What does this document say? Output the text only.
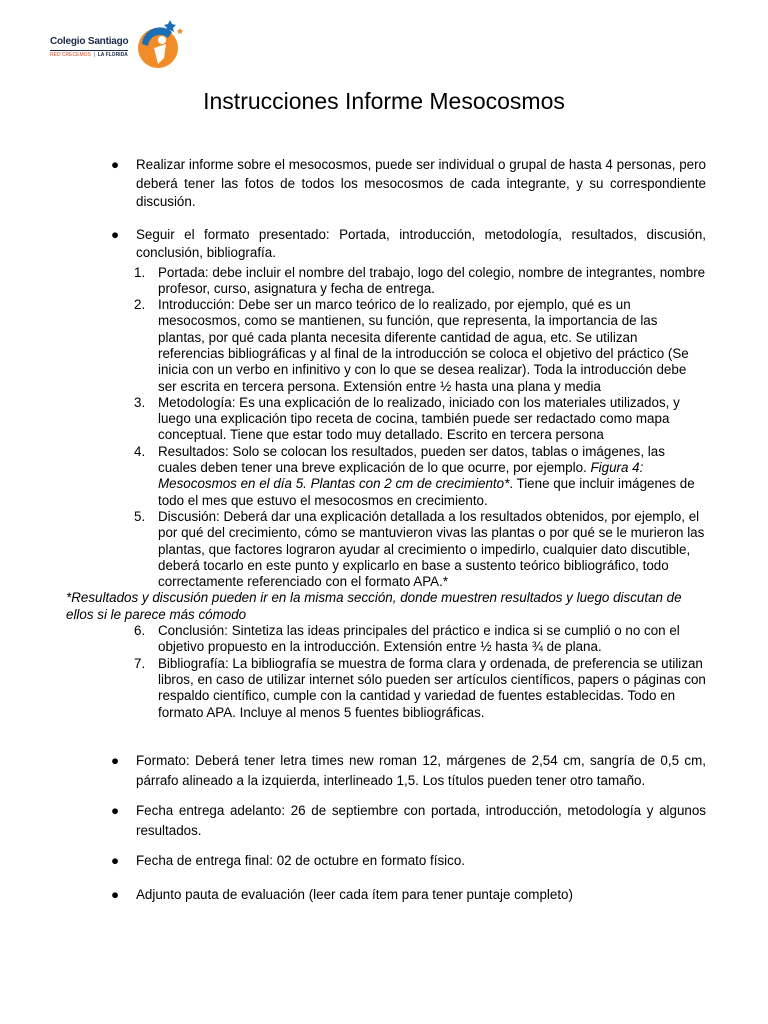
Colegio Santiago
RED CRECEMOS  |  LA FLORIDA
Instrucciones Informe Mesocosmos
● Realizar informe sobre el mesocosmos, puede ser individual o grupal de hasta 4 personas, pero deberá tener las fotos de todos los mesocosmos de cada integrante, y su correspondiente discusión.
● Seguir el formato presentado: Portada, introducción, metodología, resultados, discusión, conclusión, bibliografía.
1. Portada: debe incluir el nombre del trabajo, logo del colegio, nombre de integrantes, nombre profesor, curso, asignatura y fecha de entrega.
2. Introducción: Debe ser un marco teórico de lo realizado, por ejemplo, qué es un mesocosmos, como se mantienen, su función, que representa, la importancia de las plantas, por qué cada planta necesita diferente cantidad de agua, etc. Se utilizan referencias bibliográficas y al final de la introducción se coloca el objetivo del práctico (Se inicia con un verbo en infinitivo y con lo que se desea realizar). Toda la introducción debe ser escrita en tercera persona. Extensión entre ½ hasta una plana y media
3. Metodología: Es una explicación de lo realizado, iniciado con los materiales utilizados, y luego una explicación tipo receta de cocina, también puede ser redactado como mapa conceptual. Tiene que estar todo muy detallado. Escrito en tercera persona
4. Resultados: Solo se colocan los resultados, pueden ser datos, tablas o imágenes, las cuales deben tener una breve explicación de lo que ocurre, por ejemplo. Figura 4: Mesocosmos en el día 5. Plantas con 2 cm de crecimiento*. Tiene que incluir imágenes de todo el mes que estuvo el mesocosmos en crecimiento.
5. Discusión: Deberá dar una explicación detallada a los resultados obtenidos, por ejemplo, el por qué del crecimiento, cómo se mantuvieron vivas las plantas o por qué se le murieron las plantas, que factores lograron ayudar al crecimiento o impedirlo, cualquier dato discutible, deberá tocarlo en este punto y explicarlo en base a sustento teórico bibliográfico, todo correctamente referenciado con el formato APA.*

*Resultados y discusión pueden ir en la misma sección, donde muestren resultados y luego discutan de ellos si le parece más cómodo

6. Conclusión: Sintetiza las ideas principales del práctico e indica si se cumplió o no con el objetivo propuesto en la introducción. Extensión entre ½ hasta ¾ de plana.
7. Bibliografía: La bibliografía se muestra de forma clara y ordenada, de preferencia se utilizan libros, en caso de utilizar internet sólo pueden ser artículos científicos, papers o páginas con respaldo científico, cumple con la cantidad y variedad de fuentes establecidas. Todo en formato APA. Incluye al menos 5 fuentes bibliográficas.
● Formato: Deberá tener letra times new roman 12, márgenes de 2,54 cm, sangría de 0,5 cm, párrafo alineado a la izquierda, interlineado 1,5. Los títulos pueden tener otro tamaño.
● Fecha entrega adelanto: 26 de septiembre con portada, introducción, metodología y algunos resultados.
● Fecha de entrega final: 02 de octubre en formato físico.
● Adjunto pauta de evaluación (leer cada ítem para tener puntaje completo)
